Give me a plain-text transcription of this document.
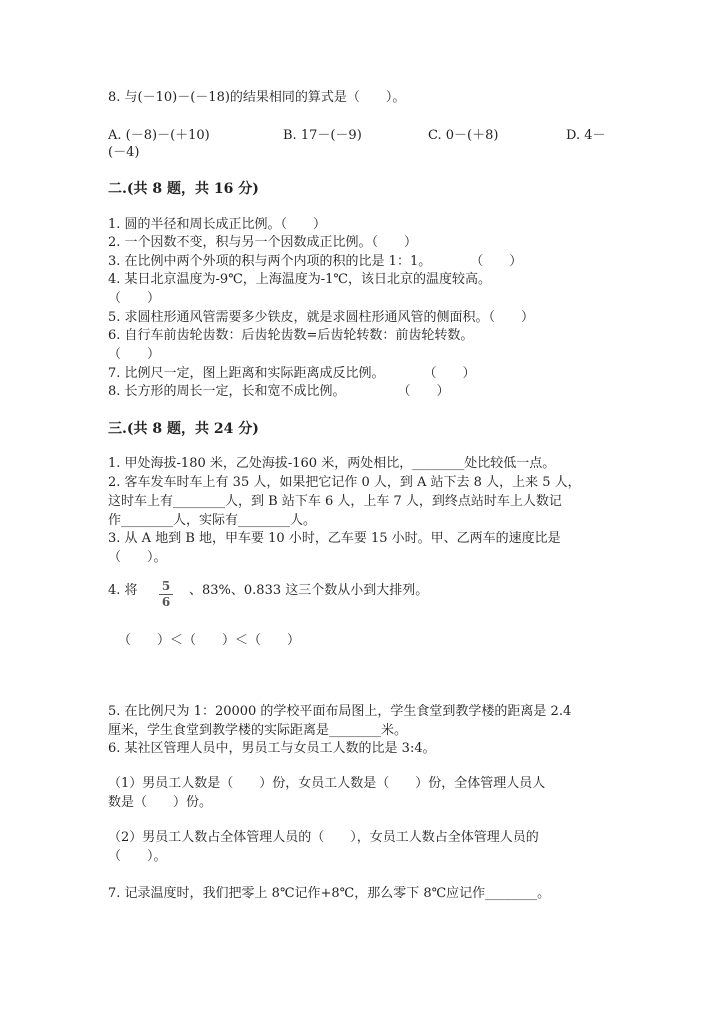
8. 与(－10)－(－18)的结果相同的算式是（　　）。
A. (－8)－(＋10)	B. 17－(－9)	C. 0－(＋8)	D. 4－
(－4)
二.(共 8 题，共 16 分)
1. 圆的半径和周长成正比例。（　　）
2. 一个因数不变，积与另一个因数成正比例。（　　）
3. 在比例中两个外项的积与两个内项的积的比是 1：1。　　　　（　　）
4. 某日北京温度为-9℃，上海温度为-1℃，该日北京的温度较高。
（　　）
5. 求圆柱形通风管需要多少铁皮，就是求圆柱形通风管的侧面积。（　　）
6. 自行车前齿轮齿数：后齿轮齿数=后齿轮转数：前齿轮转数。
（　　）
7. 比例尺一定，图上距离和实际距离成反比例。　　　　（　　）
8. 长方形的周长一定，长和宽不成比例。　　　　　（　　）
三.(共 8 题，共 24 分)
1. 甲处海拔-180 米，乙处海拔-160 米，两处相比，________处比较低一点。
2. 客车发车时车上有 35 人，如果把它记作 0 人，到 A 站下去 8 人，上来 5 人，
这时车上有________人，到 B 站下车 6 人，上车 7 人，到终点站时车上人数记
作________人，实际有________人。
3. 从 A 地到 B 地，甲车要 10 小时，乙车要 15 小时。甲、乙两车的速度比是
（　　）。
4. 将	5
6
、83%、0.833 这三个数从小到大排列。
（　　）＜（　　）＜（　　）
5. 在比例尺为 1：20000 的学校平面布局图上，学生食堂到教学楼的距离是 2.4
厘米，学生食堂到教学楼的实际距离是________米。
6. 某社区管理人员中，男员工与女员工人数的比是 3:4。
（1）男员工人数是（　　）份，女员工人数是（　　）份，全体管理人员人
数是（　　）份。
（2）男员工人数占全体管理人员的（　　），女员工人数占全体管理人员的
（　　）。
7. 记录温度时，我们把零上 8℃记作+8℃，那么零下 8℃应记作________。
